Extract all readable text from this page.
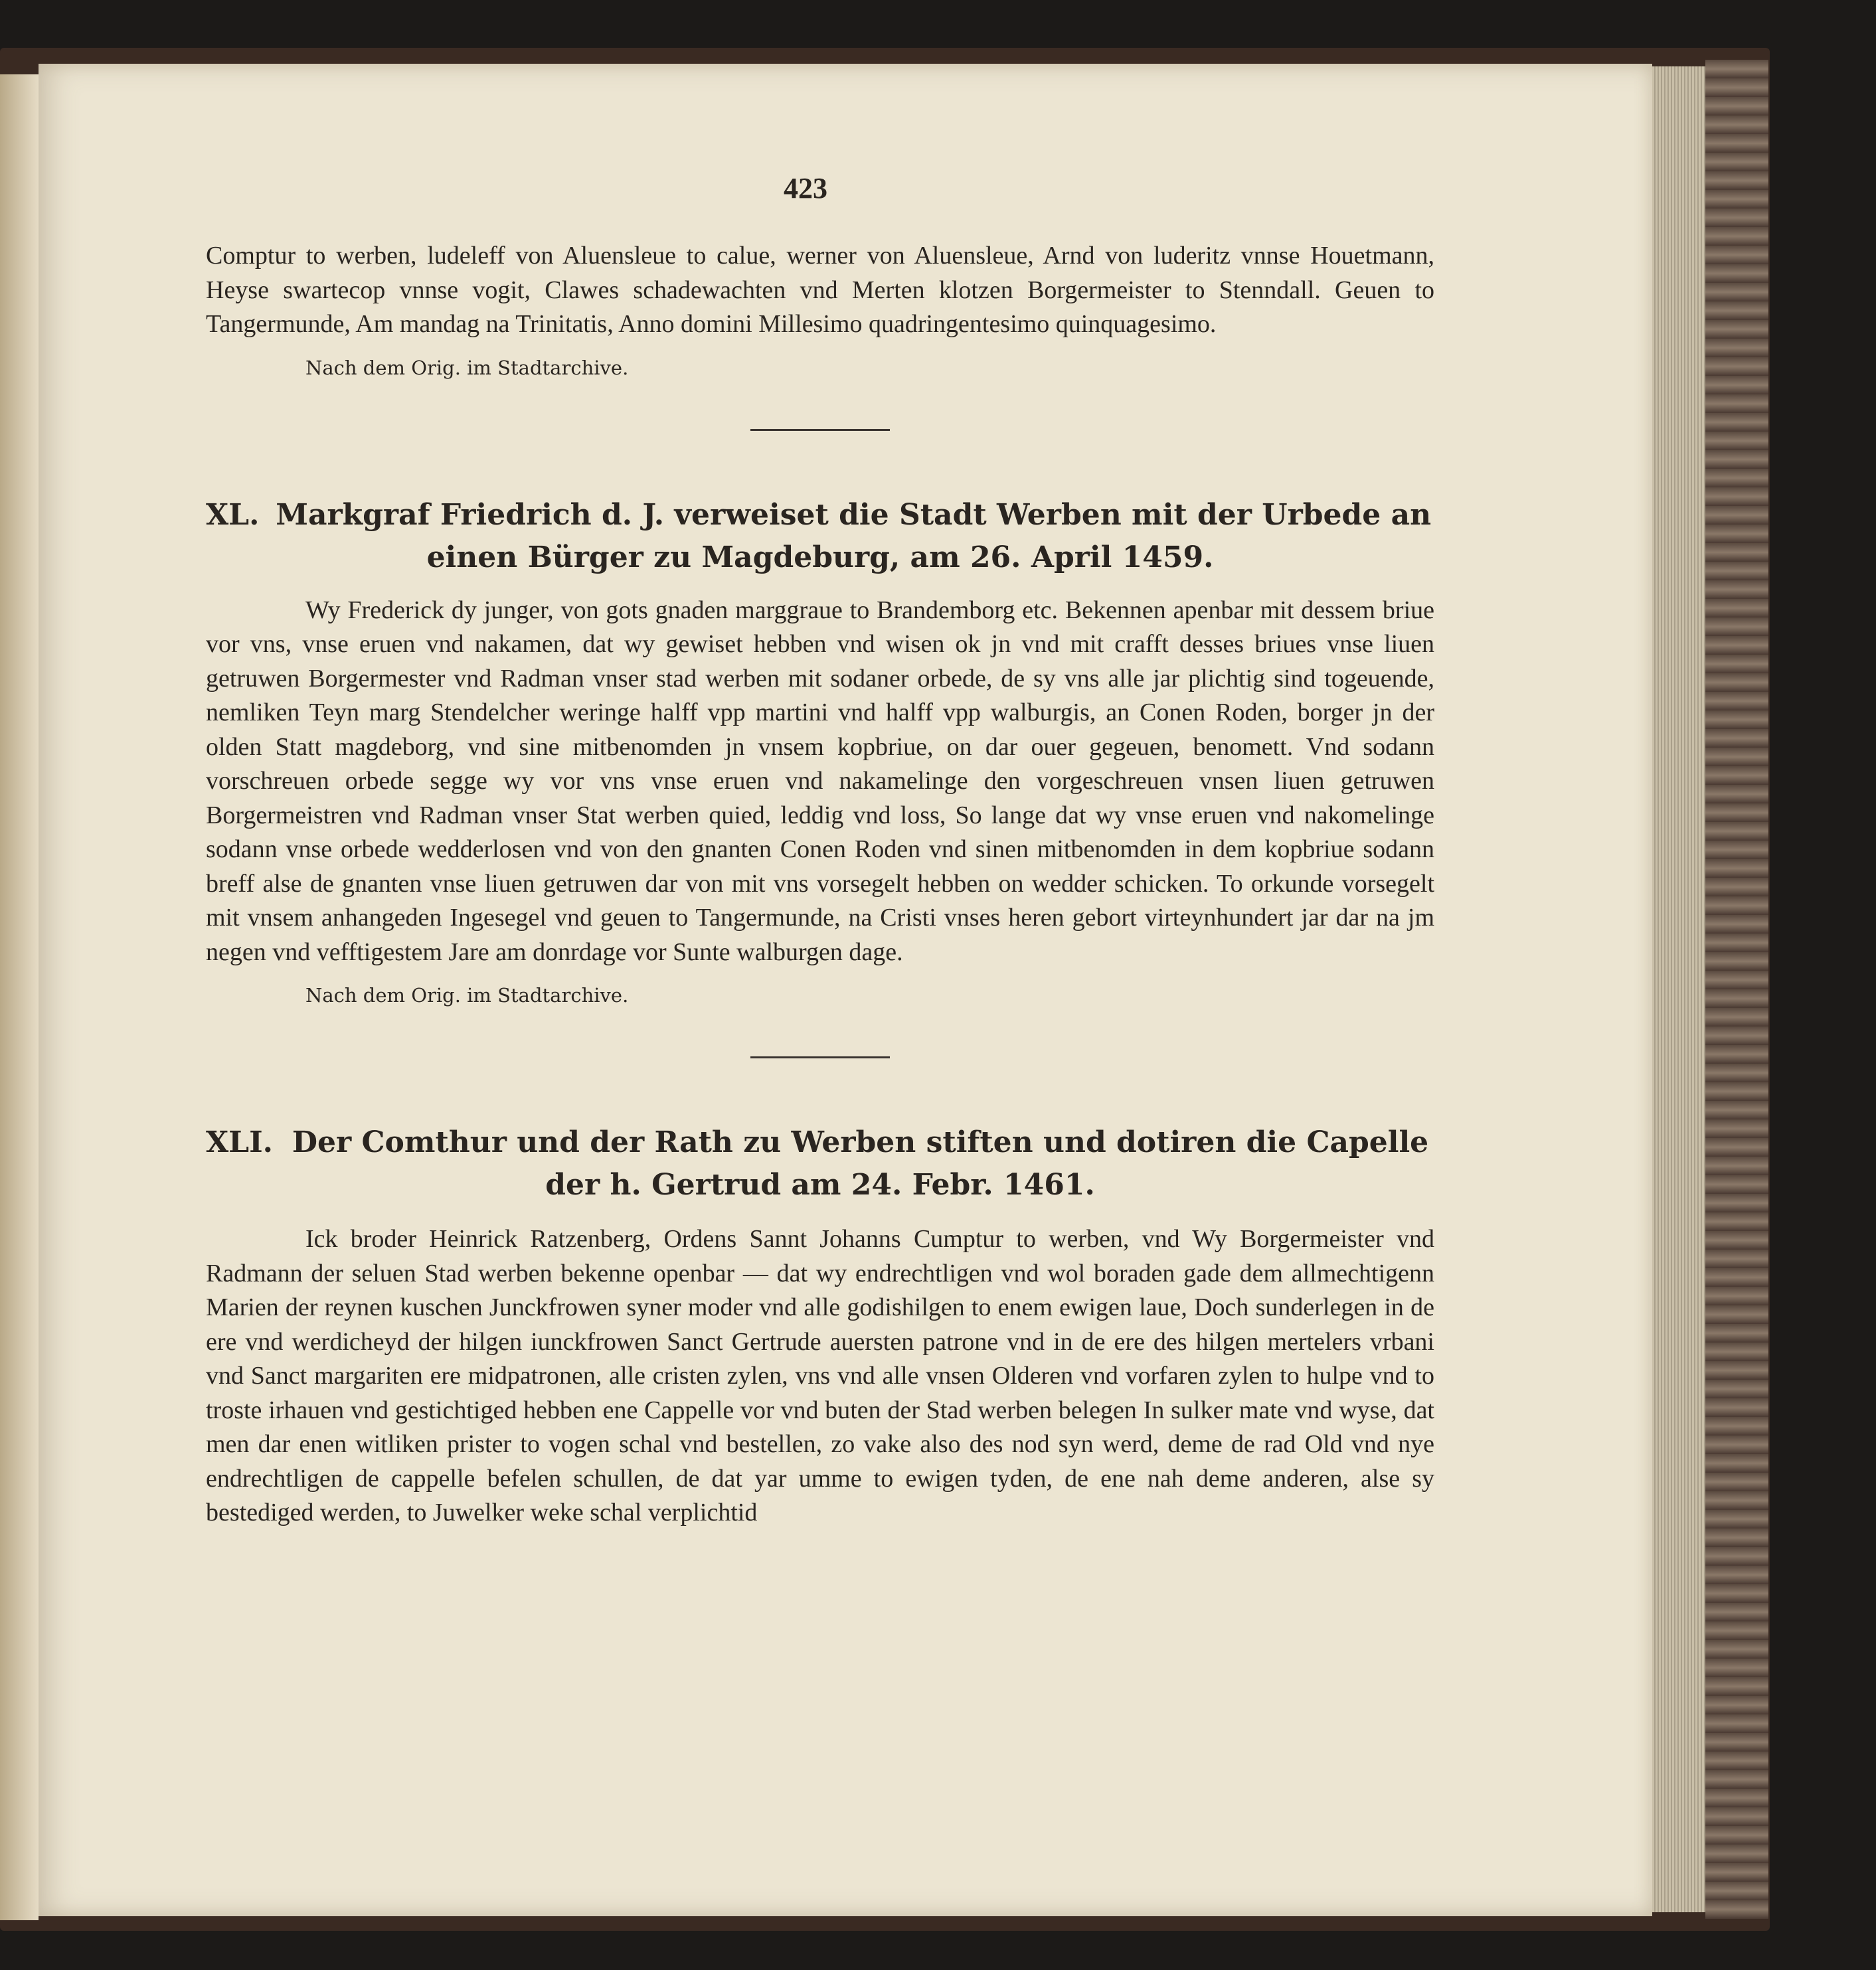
423

Comptur to werben, ludeleff von Aluensleue to calue, werner von Aluensleue, Arnd von luderitz vnnse Houetmann, Heyse swartecop vnnse vogit, Clawes schadewachten vnd Merten klotzen Borgermeister to Stenndall. Geuen to Tangermunde, Am mandag na Trinitatis, Anno domini Millesimo quadringentesimo quinquagesimo.

Nach dem Orig. im Stadtarchive.
XL. Markgraf Friedrich d. J. verweiset die Stadt Werben mit der Urbede an einen Bürger zu Magdeburg, am 26. April 1459.

Wy Frederick dy junger, von gots gnaden marggraue to Brandemborg etc. Bekennen apenbar mit dessem briue vor vns, vnse eruen vnd nakamen, dat wy gewiset hebben vnd wisen ok jn vnd mit crafft desses briues vnse liuen getruwen Borgermester vnd Radman vnser stad werben mit sodaner orbede, de sy vns alle jar plichtig sind togeuende, nemliken Teyn marg Stendelcher weringe halff vpp martini vnd halff vpp walburgis, an Conen Roden, borger jn der olden Statt magdeborg, vnd sine mitbenomden jn vnsem kopbriue, on dar ouer gegeuen, benomett. Vnd sodann vorschreuen orbede segge wy vor vns vnse eruen vnd nakamelinge den vorgeschreuen vnsen liuen getruwen Borgermeistren vnd Radman vnser Stat werben quied, leddig vnd loss, So lange dat wy vnse eruen vnd nakomelinge sodann vnse orbede wedderlosen vnd von den gnanten Conen Roden vnd sinen mitbenomden in dem kopbriue sodann breff alse de gnanten vnse liuen getruwen dar von mit vns vorsegelt hebben on wedder schicken. To orkunde vorsegelt mit vnsem anhangeden Ingesegel vnd geuen to Tangermunde, na Cristi vnses heren gebort virteynhundert jar dar na jm negen vnd vefftigestem Jare am donrdage vor Sunte walburgen dage.

Nach dem Orig. im Stadtarchive.
XLI. Der Comthur und der Rath zu Werben stiften und dotiren die Capelle der h. Gertrud am 24. Febr. 1461.

Ick broder Heinrick Ratzenberg, Ordens Sannt Johanns Cumptur to werben, vnd Wy Borgermeister vnd Radmann der seluen Stad werben bekenne openbar — dat wy endrechtligen vnd wol boraden gade dem allmechtigenn Marien der reynen kuschen Junckfrowen syner moder vnd alle godishilgen to enem ewigen laue, Doch sunderlegen in de ere vnd werdicheyd der hilgen iunckfrowen Sanct Gertrude auersten patrone vnd in de ere des hilgen mertelers vrbani vnd Sanct margariten ere midpatronen, alle cristen zylen, vns vnd alle vnsen Olderen vnd vorfaren zylen to hulpe vnd to troste irhauen vnd gestichtiged hebben ene Cappelle vor vnd buten der Stad werben belegen In sulker mate vnd wyse, dat men dar enen witliken prister to vogen schal vnd bestellen, zo vake also des nod syn werd, deme de rad Old vnd nye endrechtligen de cappelle befelen schullen, de dat yar umme to ewigen tyden, de ene nah deme anderen, alse sy bestediged werden, to Juwelker weke schal verplichtid
